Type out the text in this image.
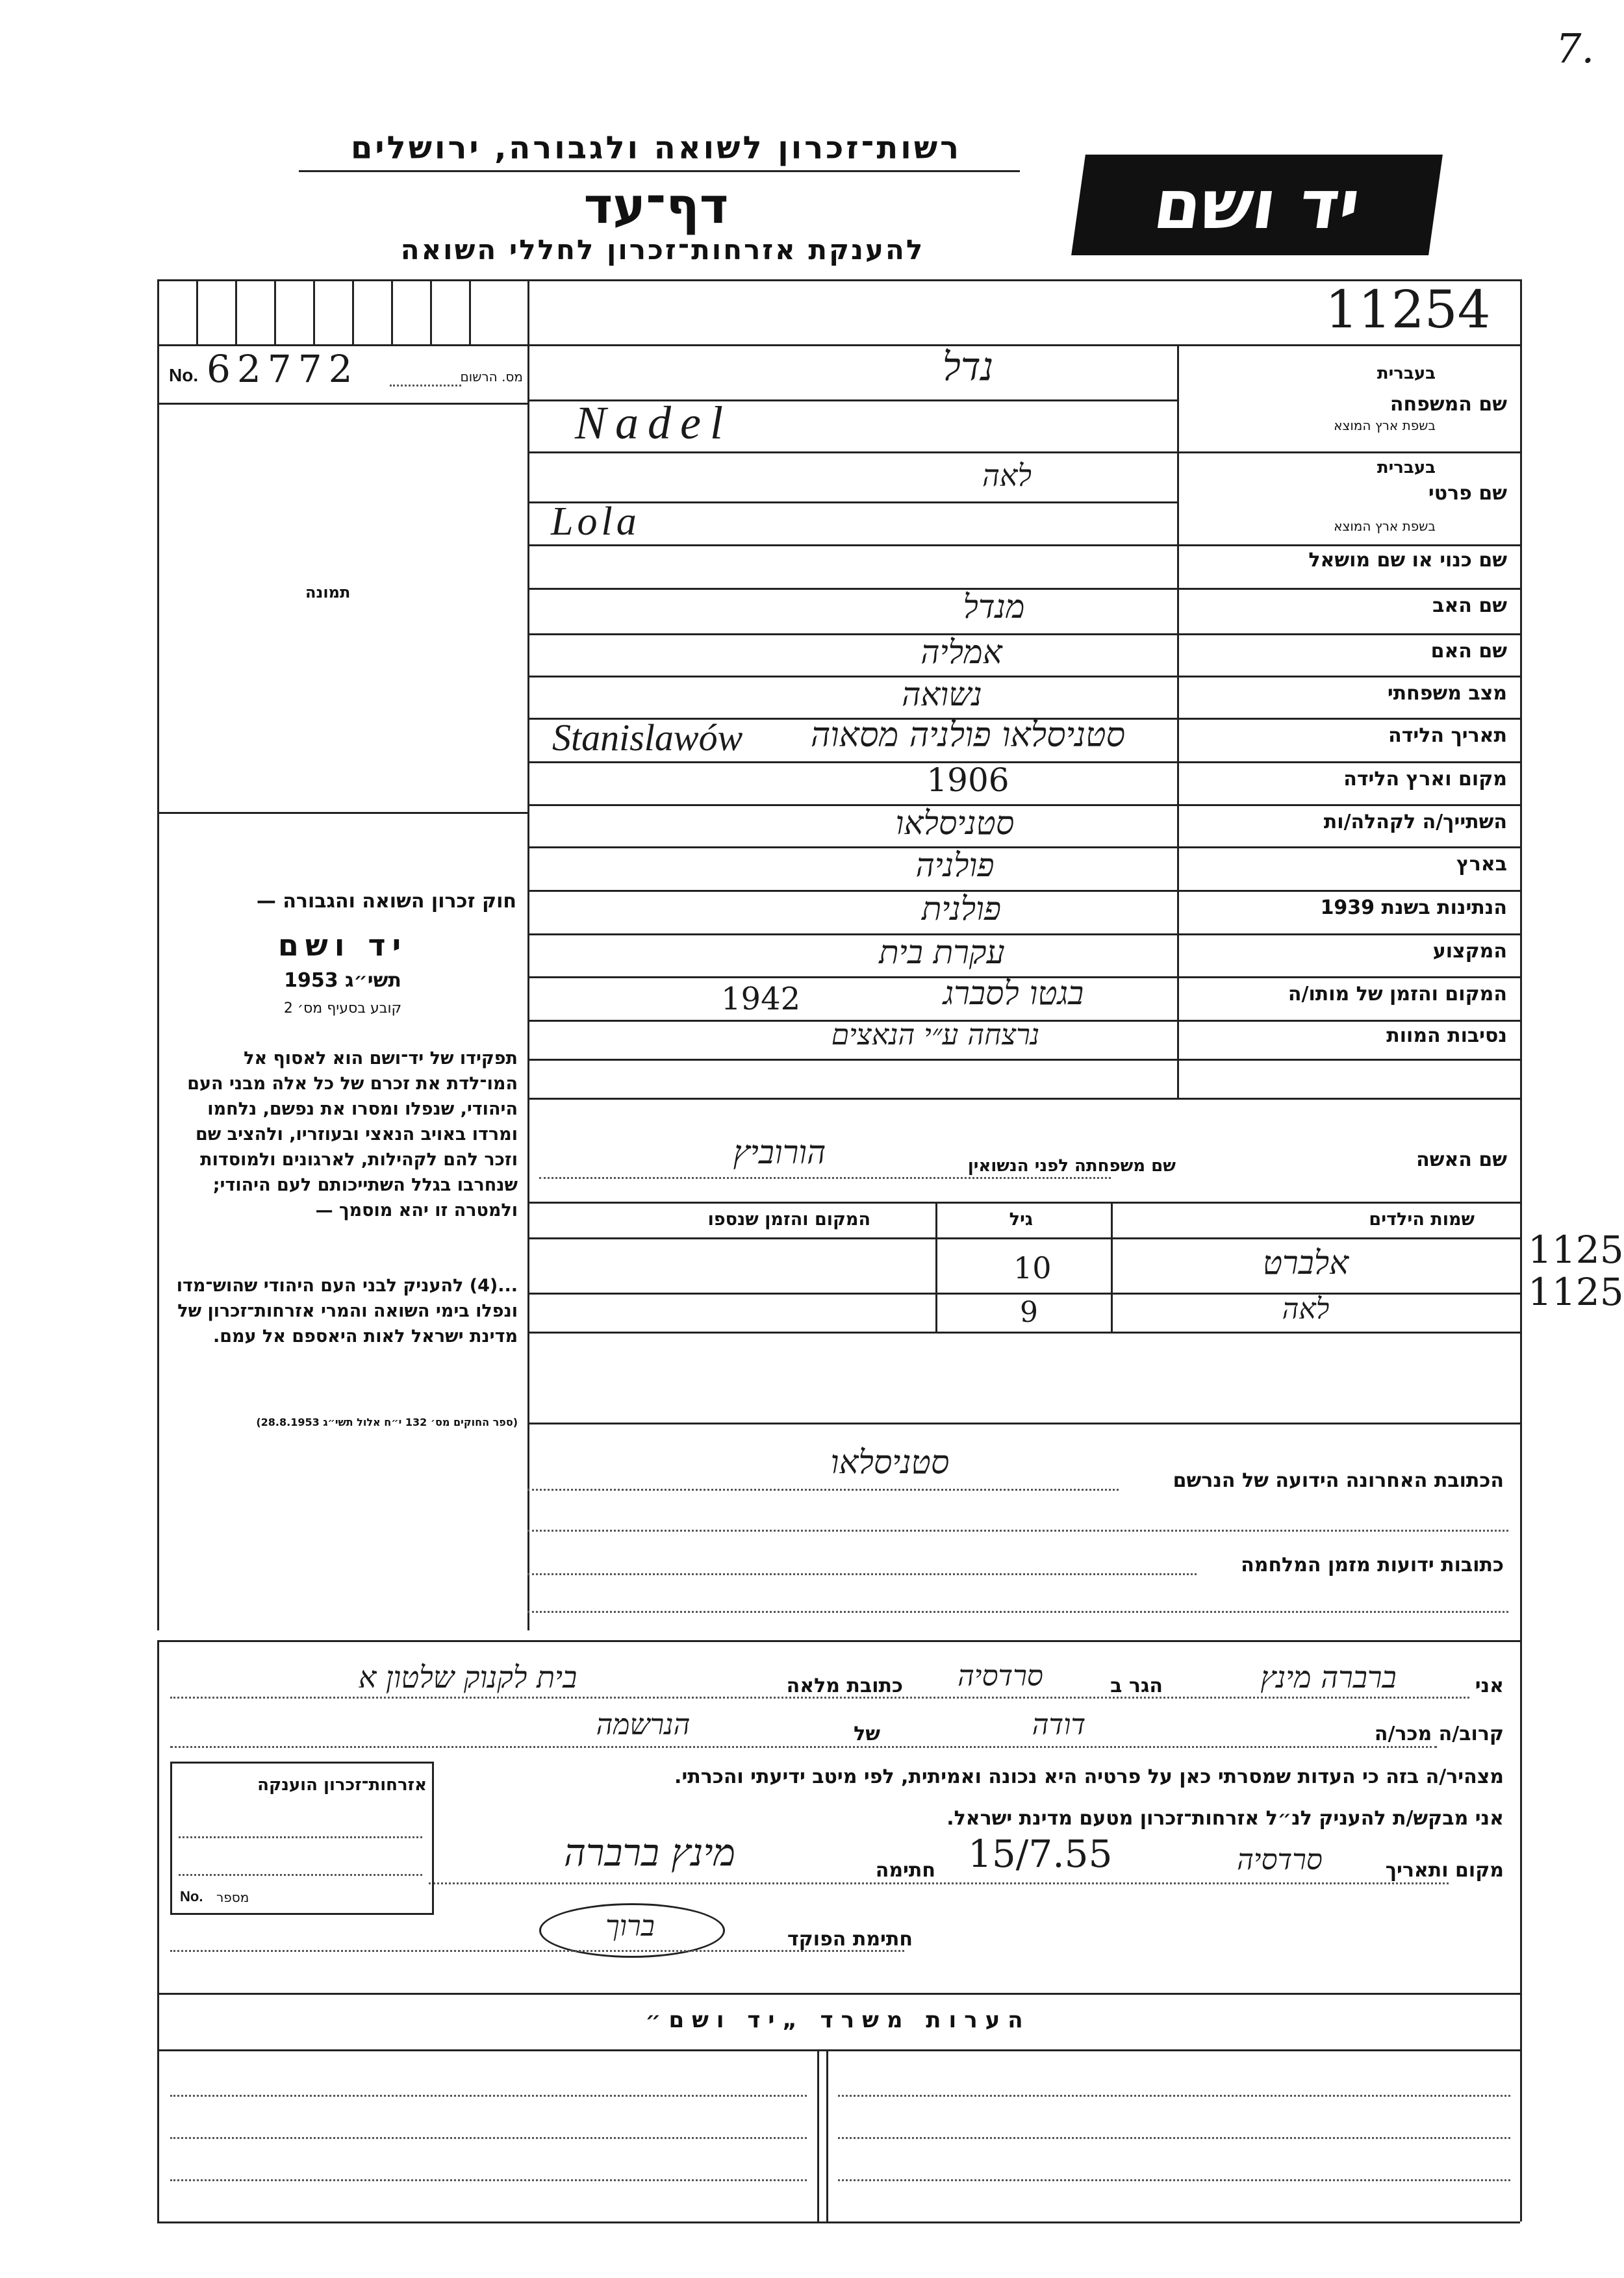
7.
רשות־זכרון לשואה ולגבורה, ירושלים
דף־עד
להענקת אזרחות־זכרון לחללי השואה
יד ושם
11254
No. 62772	מס. הרשום
תמונה
חוק זכרון השואה והגבורה —
יד ושם
תשי״ג 1953
קובע בסעיף מס׳ 2
תפקידו של יד־ושם הוא לאסוף אל המו־לדת את זכרם של כל אלה מבני העם היהודי, שנפלו ומסרו את נפשם, נלחמו ומרדו באויב הנאצי ובעוזריו, ולהציב שם וזכר להם לקהילות, לארגונים ולמוסדות שנחרבו בגלל השתייכותם לעם היהודי; ולמטרה זו יהא מוסמך —
...(4) להעניק לבני העם היהודי שהוש־מדו ונפלו בימי השואה והמרי אזרחות־זכרון של מדינת ישראל לאות היאספם אל עמם.
(ספר החוקים מס׳ 132 י״ח אלול תשי״ג 28.8.1953)
שם המשפחה
בעברית
בשפת ארץ המוצא
נדל
Nadel
שם פרטי
בעברית
בשפת ארץ המוצא
לאה
Lola
שם כנוי או שם מושאל
שם האב
מנדל
שם האם
אמליה
מצב משפחתי
נשואה
תאריך הלידה
Stanislawów	סטניסלאו פולניה מסאוה
מקום וארץ הלידה
1906
השתייך/ה לקהלה/ות
סטניסלאו
בארץ
פולניה
הנתינות בשנת 1939
פולנית
המקצוע
עקרת בית
המקום והזמן של מותו/ה
בגטו לסברג
1942
נסיבות המוות
נרצחה ע״י הנאצים
שם האשה
שם משפחתה לפני הנשואין
הורוביץ
שמות הילדים
גיל
המקום והזמן שנספו
אלברט
10
לאה
9
1125
1125
הכתובת האחרונה הידועה של הנרשם
סטניסלאו
כתובות ידועות מזמן המלחמה
אני
ברברה מינץ
הגר ב
סרדסיה
כתובת מלאה
בית לקנוק שלטון א
קרוב/ה מכר/ה
דודה
של
הנרשמה
מצהיר/ה בזה כי העדות שמסרתי כאן על פרטיה היא נכונה ואמיתית, לפי מיטב ידיעתי והכרתי.
אני מבקש/ת להעניק לנ״ל אזרחות־זכרון מטעם מדינת ישראל.
מקום ותאריך
סרדסיה
15/7.55
חתימה
מינץ ברברה
חתימת הפוקד
ברוך
אזרחות־זכרון הוענקה
No. מספר
הערות משרד „יד ושם״
